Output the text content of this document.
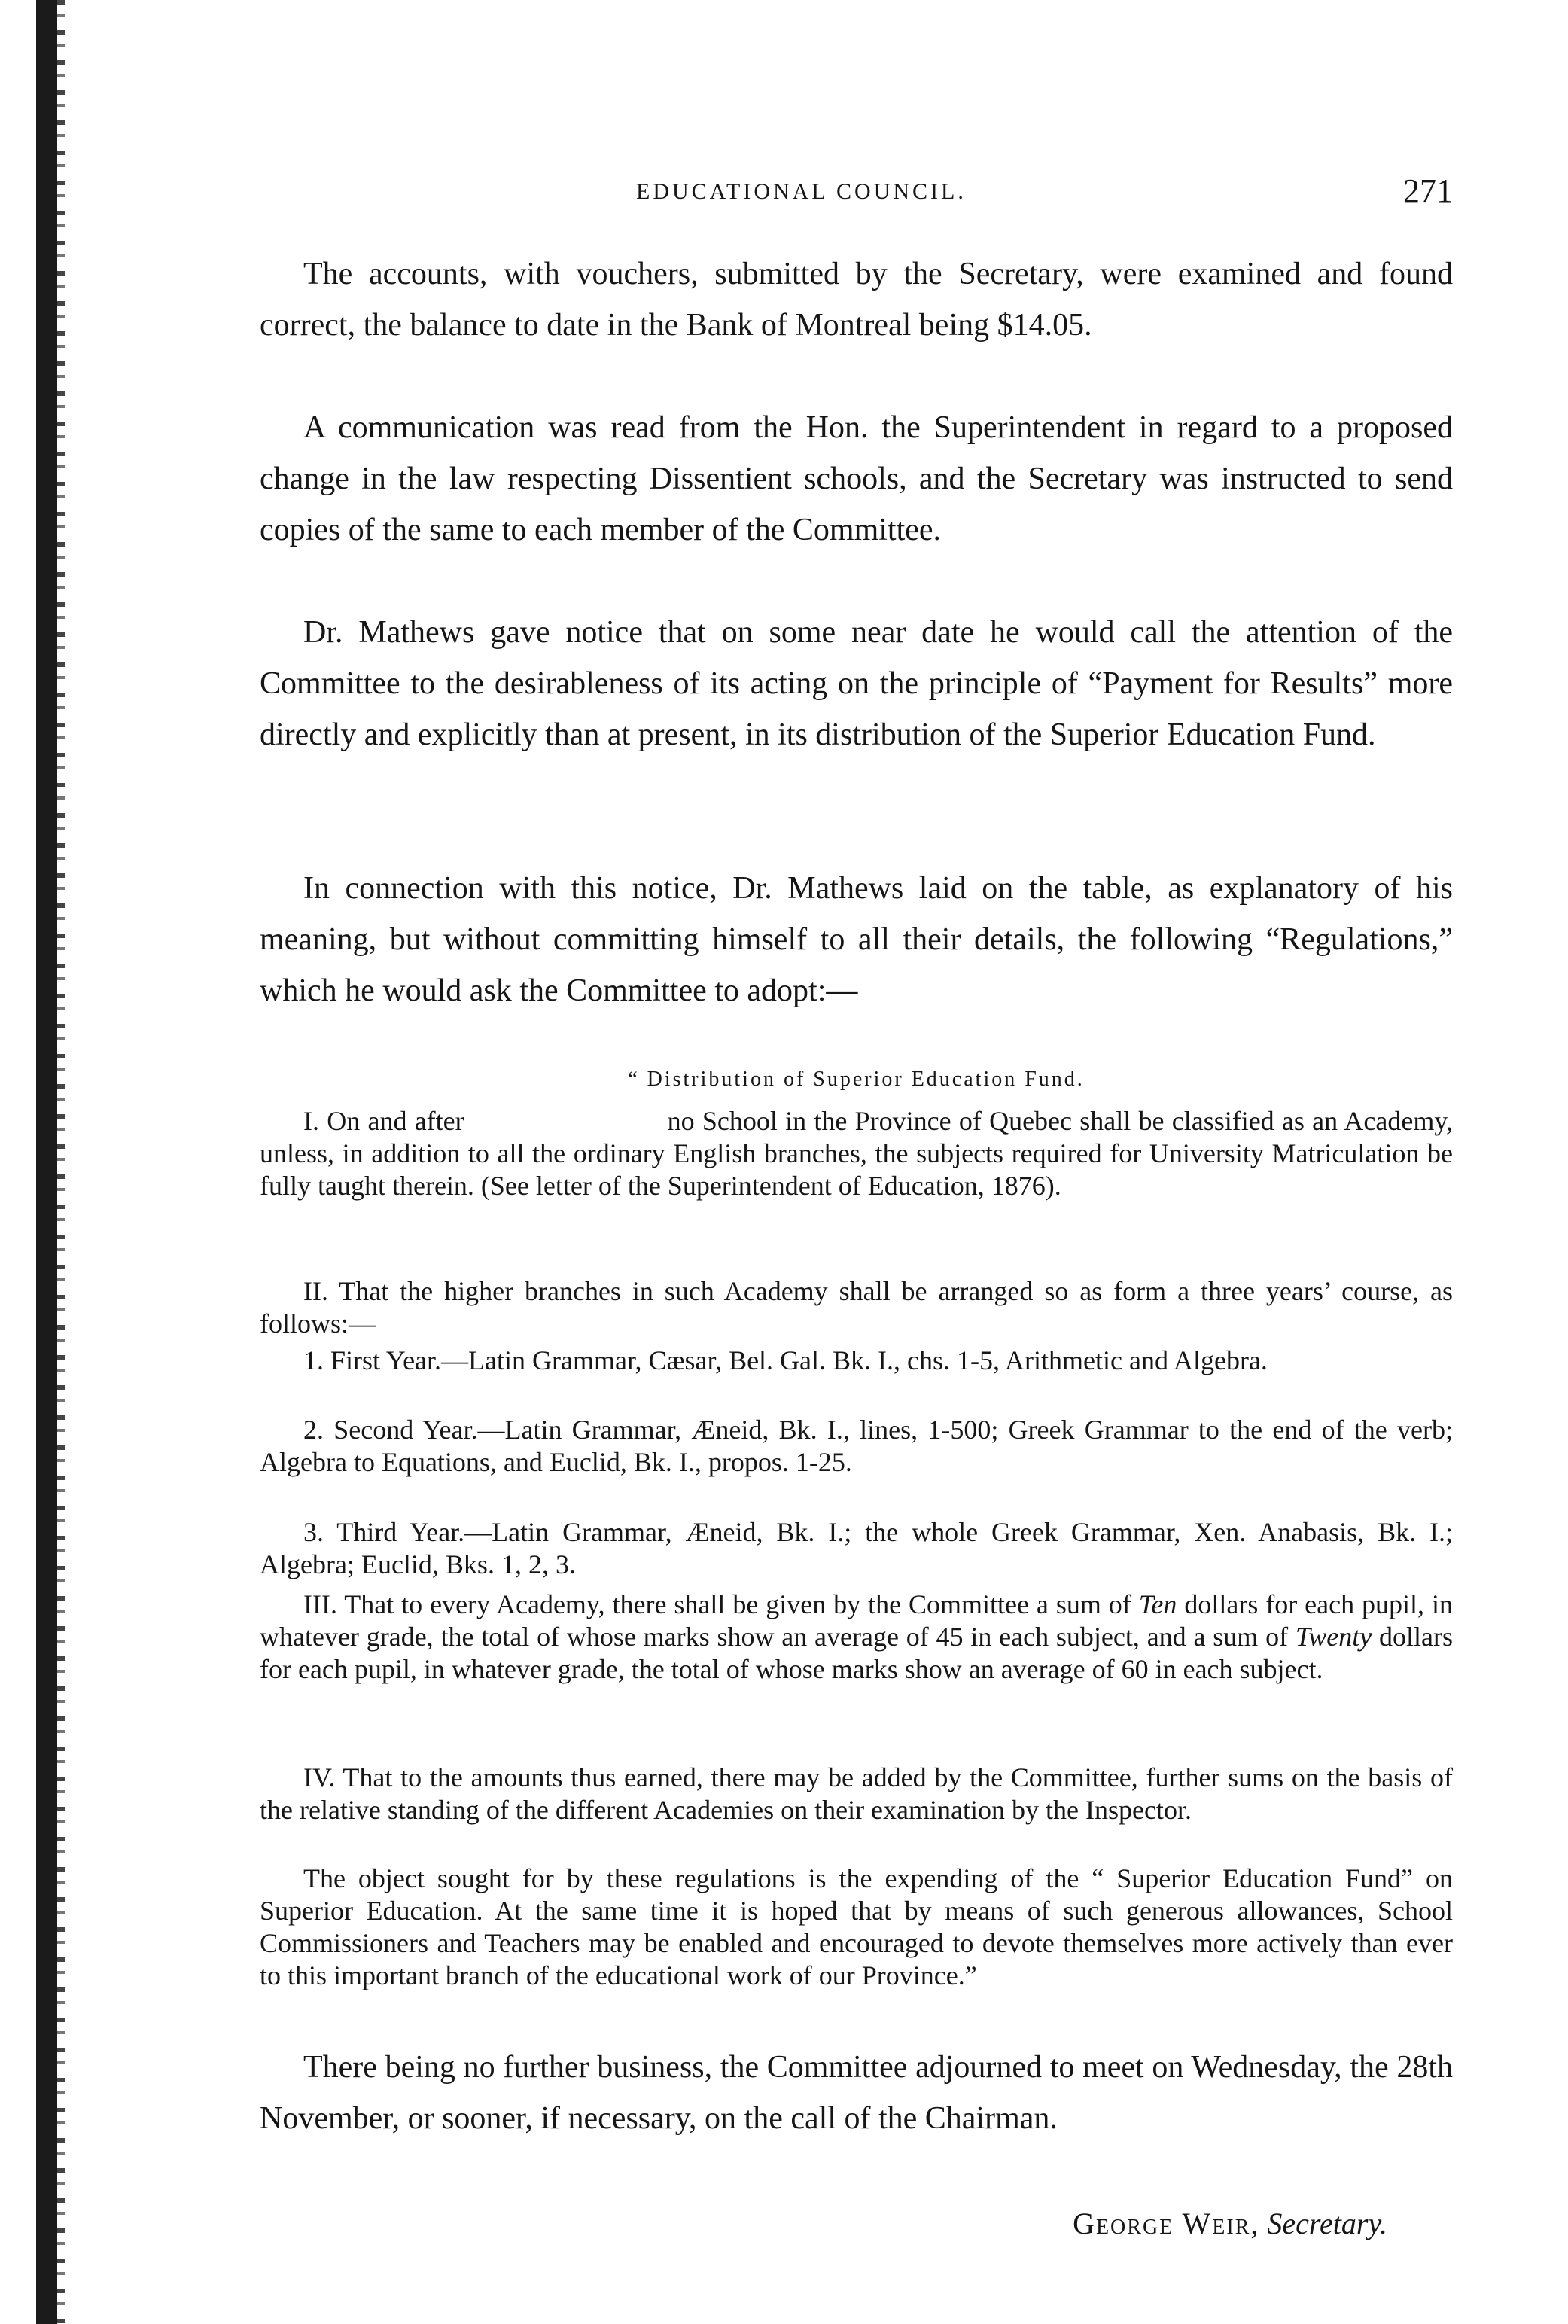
EDUCATIONAL COUNCIL.	271

The accounts, with vouchers, submitted by the Secretary, were examined and found correct, the balance to date in the Bank of Montreal being $14.05.

A communication was read from the Hon. the Superintendent in regard to a proposed change in the law respecting Dissentient schools, and the Secretary was instructed to send copies of the same to each member of the Committee.

Dr. Mathews gave notice that on some near date he would call the attention of the Committee to the desirableness of its acting on the principle of “Payment for Results” more directly and explicitly than at present, in its distribution of the Superior Education Fund.

In connection with this notice, Dr. Mathews laid on the table, as explanatory of his meaning, but without committing himself to all their details, the following “Regulations,” which he would ask the Committee to adopt:—

“ Distribution of Superior Education Fund.

I. On and after	no School in the Province of Quebec shall be classified as an Academy, unless, in addition to all the ordinary English branches, the subjects required for University Matriculation be fully taught therein. (See letter of the Superintendent of Education, 1876).

II. That the higher branches in such Academy shall be arranged so as form a three years’ course, as follows:—

1. First Year.—Latin Grammar, Cæsar, Bel. Gal. Bk. I., chs. 1-5, Arithmetic and Algebra.

2. Second Year.—Latin Grammar, Æneid, Bk. I., lines, 1-500; Greek Grammar to the end of the verb; Algebra to Equations, and Euclid, Bk. I., propos. 1-25.

3. Third Year.—Latin Grammar, Æneid, Bk. I.; the whole Greek Grammar, Xen. Anabasis, Bk. I.; Algebra; Euclid, Bks. 1, 2, 3.

III. That to every Academy, there shall be given by the Committee a sum of Ten dollars for each pupil, in whatever grade, the total of whose marks show an average of 45 in each subject, and a sum of Twenty dollars for each pupil, in whatever grade, the total of whose marks show an average of 60 in each subject.

IV. That to the amounts thus earned, there may be added by the Committee, further sums on the basis of the relative standing of the different Academies on their examination by the Inspector.

The object sought for by these regulations is the expending of the “ Superior Education Fund” on Superior Education. At the same time it is hoped that by means of such generous allowances, School Commissioners and Teachers may be enabled and encouraged to devote themselves more actively than ever to this important branch of the educational work of our Province.”

There being no further business, the Committee adjourned to meet on Wednesday, the 28th November, or sooner, if necessary, on the call of the Chairman.

George Weir, Secretary.
